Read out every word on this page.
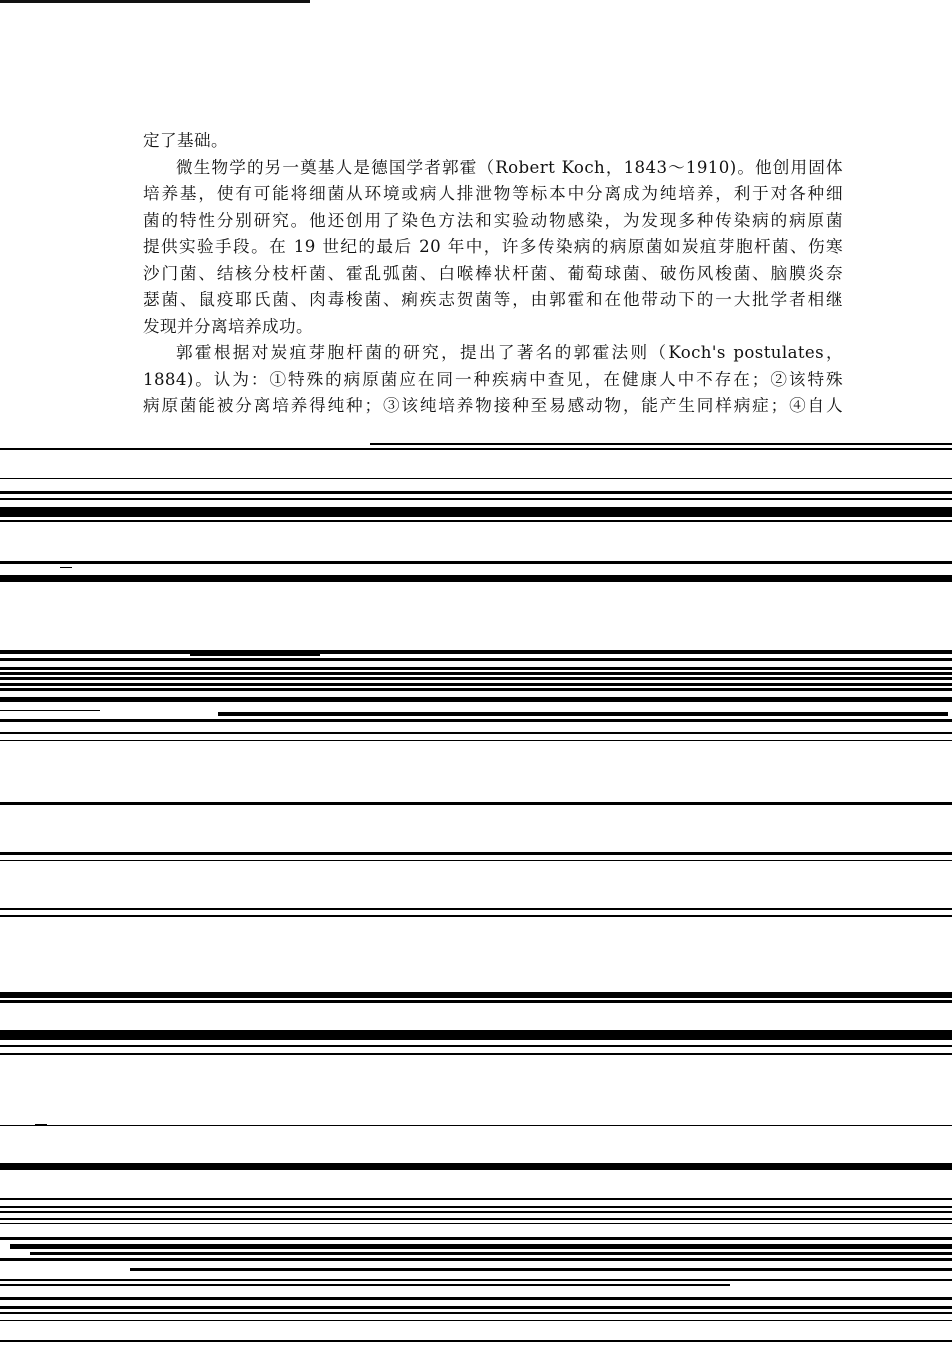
定了基础。

微生物学的另一奠基人是德国学者郭霍（Robert Koch，1843～1910)。他创用固体

培养基，使有可能将细菌从环境或病人排泄物等标本中分离成为纯培养，利于对各种细

菌的特性分别研究。他还创用了染色方法和实验动物感染，为发现多种传染病的病原菌

提供实验手段。在 19 世纪的最后 20 年中，许多传染病的病原菌如炭疽芽胞杆菌、伤寒

沙门菌、结核分枝杆菌、霍乱弧菌、白喉棒状杆菌、葡萄球菌、破伤风梭菌、脑膜炎奈

瑟菌、鼠疫耶氏菌、肉毒梭菌、痢疾志贺菌等，由郭霍和在他带动下的一大批学者相继

发现并分离培养成功。

郭霍根据对炭疽芽胞杆菌的研究，提出了著名的郭霍法则（Koch's postulates，

1884)。认为：①特殊的病原菌应在同一种疾病中查见，在健康人中不存在；②该特殊

病原菌能被分离培养得纯种；③该纯培养物接种至易感动物，能产生同样病症；④自人
